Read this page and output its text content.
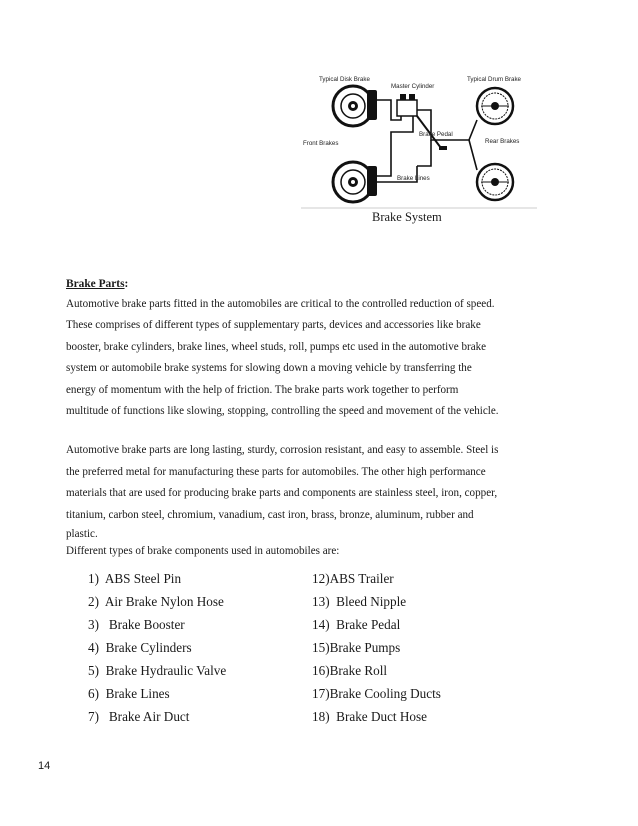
Typical Disk Brake	Typical Drum Brake
Master Cylinder
Brake Pedal
Front Brakes	Rear Brakes
Brake Lines
Brake System
Brake Parts:

Automotive brake parts fitted in the automobiles are critical to the controlled reduction of speed.

These comprises of different types of supplementary parts, devices and accessories like brake

booster, brake cylinders, brake lines, wheel studs, roll, pumps etc used in the automotive brake

system or automobile brake systems for slowing down a moving vehicle by transferring the

energy of momentum with the help of friction. The brake parts work together to perform

multitude of functions like slowing, stopping, controlling the speed and movement of the vehicle.

Automotive brake parts are long lasting, sturdy, corrosion resistant, and easy to assemble. Steel is

the preferred metal for manufacturing these parts for automobiles. The other high performance

materials that are used for producing brake parts and components are stainless steel, iron, copper,

titanium, carbon steel, chromium, vanadium, cast iron, brass, bronze, aluminum, rubber and

plastic.

Different types of brake components used in automobiles are:

1)  ABS Steel Pin	12)ABS Trailer
2)  Air Brake Nylon Hose	13)  Bleed Nipple
3)   Brake Booster	14)  Brake Pedal
4)  Brake Cylinders	15)Brake Pumps
5)  Brake Hydraulic Valve	16)Brake Roll
6)  Brake Lines	17)Brake Cooling Ducts
7)   Brake Air Duct	18)  Brake Duct Hose
14
